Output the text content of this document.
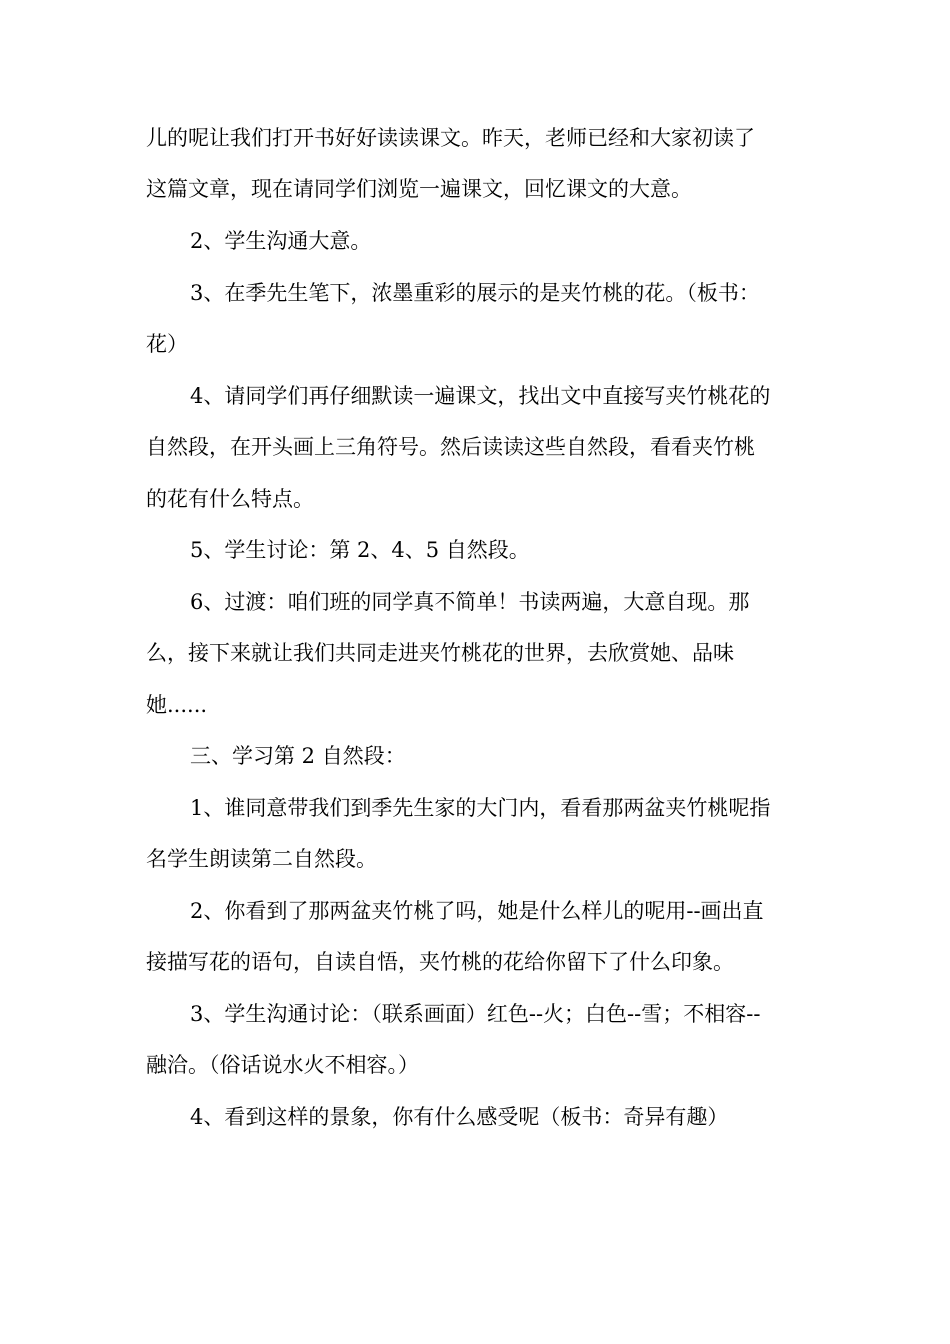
儿的呢让我们打开书好好读读课文。昨天，老师已经和大家初读了
这篇文章，现在请同学们浏览一遍课文，回忆课文的大意。
2、学生沟通大意。
3、在季先生笔下，浓墨重彩的展示的是夹竹桃的花。（板书：
花）
4、请同学们再仔细默读一遍课文，找出文中直接写夹竹桃花的
自然段，在开头画上三角符号。然后读读这些自然段，看看夹竹桃
的花有什么特点。
5、学生讨论：第 2、4、5 自然段。
6、过渡：咱们班的同学真不简单！书读两遍，大意自现。那
么，接下来就让我们共同走进夹竹桃花的世界，去欣赏她、品味
她......
三、学习第 2 自然段：
1、谁同意带我们到季先生家的大门内，看看那两盆夹竹桃呢指
名学生朗读第二自然段。
2、你看到了那两盆夹竹桃了吗，她是什么样儿的呢用--画出直
接描写花的语句，自读自悟，夹竹桃的花给你留下了什么印象。
3、学生沟通讨论：（联系画面）红色--火；白色--雪；不相容--
融洽。（俗话说水火不相容。）
4、看到这样的景象，你有什么感受呢（板书：奇异有趣）
